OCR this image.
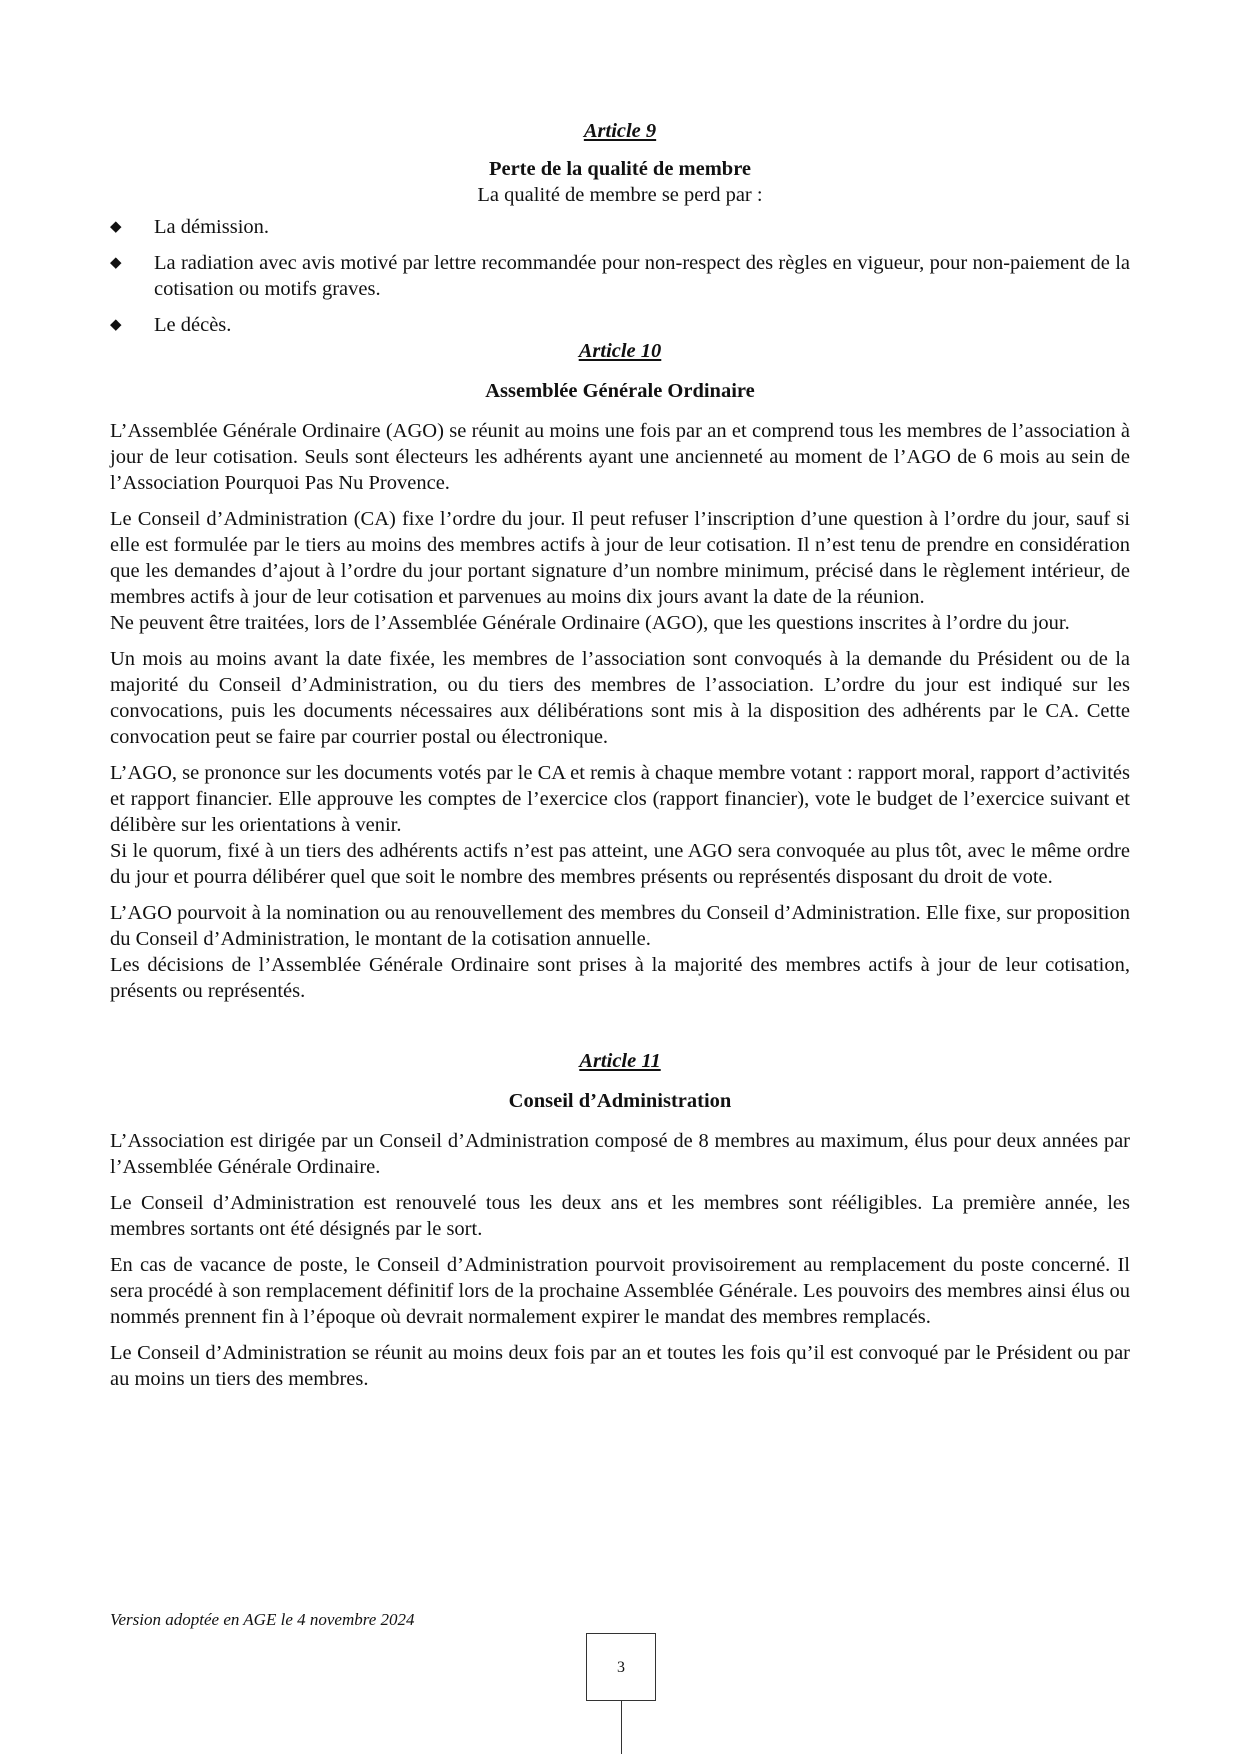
Article 9

Perte de la qualité de membre

La qualité de membre se perd par :

◆ La démission.
◆ La radiation avec avis motivé par lettre recommandée pour non-respect des règles en vigueur, pour non-paiement de la cotisation ou motifs graves.
◆ Le décès.

Article 10

Assemblée Générale Ordinaire

L’Assemblée Générale Ordinaire (AGO) se réunit au moins une fois par an et comprend tous les membres de l’association à jour de leur cotisation. Seuls sont électeurs les adhérents ayant une ancienneté au moment de l’AGO de 6 mois au sein de l’Association Pourquoi Pas Nu Provence.

Le Conseil d’Administration (CA) fixe l’ordre du jour. Il peut refuser l’inscription d’une question à l’ordre du jour, sauf si elle est formulée par le tiers au moins des membres actifs à jour de leur cotisation. Il n’est tenu de prendre en considération que les demandes d’ajout à l’ordre du jour portant signature d’un nombre minimum, précisé dans le règlement intérieur, de membres actifs à jour de leur cotisation et parvenues au moins dix jours avant la date de la réunion.

Ne peuvent être traitées, lors de l’Assemblée Générale Ordinaire (AGO), que les questions inscrites à l’ordre du jour.

Un mois au moins avant la date fixée, les membres de l’association sont convoqués à la demande du Président ou de la majorité du Conseil d’Administration, ou du tiers des membres de l’association. L’ordre du jour est indiqué sur les convocations, puis les documents nécessaires aux délibérations sont mis à la disposition des adhérents par le CA. Cette convocation peut se faire par courrier postal ou électronique.

L’AGO, se prononce sur les documents votés par le CA et remis à chaque membre votant : rapport moral, rapport d’activités et rapport financier. Elle approuve les comptes de l’exercice clos (rapport financier), vote le budget de l’exercice suivant et délibère sur les orientations à venir.

Si le quorum, fixé à un tiers des adhérents actifs n’est pas atteint, une AGO sera convoquée au plus tôt, avec le même ordre du jour et pourra délibérer quel que soit le nombre des membres présents ou représentés disposant du droit de vote.

L’AGO pourvoit à la nomination ou au renouvellement des membres du Conseil d’Administration. Elle fixe, sur proposition du Conseil d’Administration, le montant de la cotisation annuelle.

Les décisions de l’Assemblée Générale Ordinaire sont prises à la majorité des membres actifs à jour de leur cotisation, présents ou représentés.

Article 11

Conseil d’Administration

L’Association est dirigée par un Conseil d’Administration composé de 8 membres au maximum, élus pour deux années par l’Assemblée Générale Ordinaire.

Le Conseil d’Administration est renouvelé tous les deux ans et les membres sont rééligibles. La première année, les membres sortants ont été désignés par le sort.

En cas de vacance de poste, le Conseil d’Administration pourvoit provisoirement au remplacement du poste concerné. Il sera procédé à son remplacement définitif lors de la prochaine Assemblée Générale. Les pouvoirs des membres ainsi élus ou nommés prennent fin à l’époque où devrait normalement expirer le mandat des membres remplacés.

Le Conseil d’Administration se réunit au moins deux fois par an et toutes les fois qu’il est convoqué par le Président ou par au moins un tiers des membres.

Version adoptée en AGE le 4 novembre 2024
3
